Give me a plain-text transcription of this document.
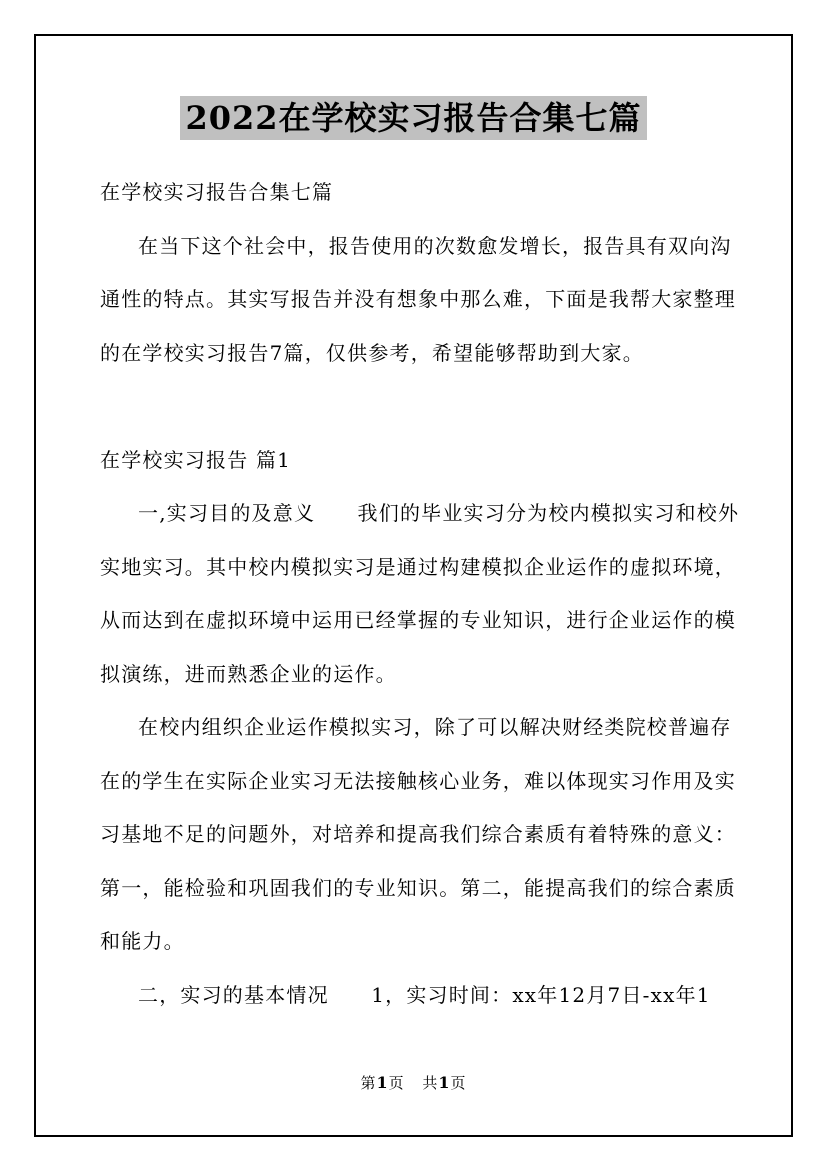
2022在学校实习报告合集七篇
在学校实习报告合集七篇
在当下这个社会中，报告使用的次数愈发增长，报告具有双向沟
通性的特点。其实写报告并没有想象中那么难，下面是我帮大家整理
的在学校实习报告7篇，仅供参考，希望能够帮助到大家。
在学校实习报告 篇1
一,实习目的及意义　　我们的毕业实习分为校内模拟实习和校外
实地实习。其中校内模拟实习是通过构建模拟企业运作的虚拟环境，
从而达到在虚拟环境中运用已经掌握的专业知识，进行企业运作的模
拟演练，进而熟悉企业的运作。
在校内组织企业运作模拟实习，除了可以解决财经类院校普遍存
在的学生在实际企业实习无法接触核心业务，难以体现实习作用及实
习基地不足的问题外，对培养和提高我们综合素质有着特殊的意义：
第一，能检验和巩固我们的专业知识。第二，能提高我们的综合素质
和能力。
二，实习的基本情况　　1，实习时间：xx年12月7日-xx年1
第1页 共1页
